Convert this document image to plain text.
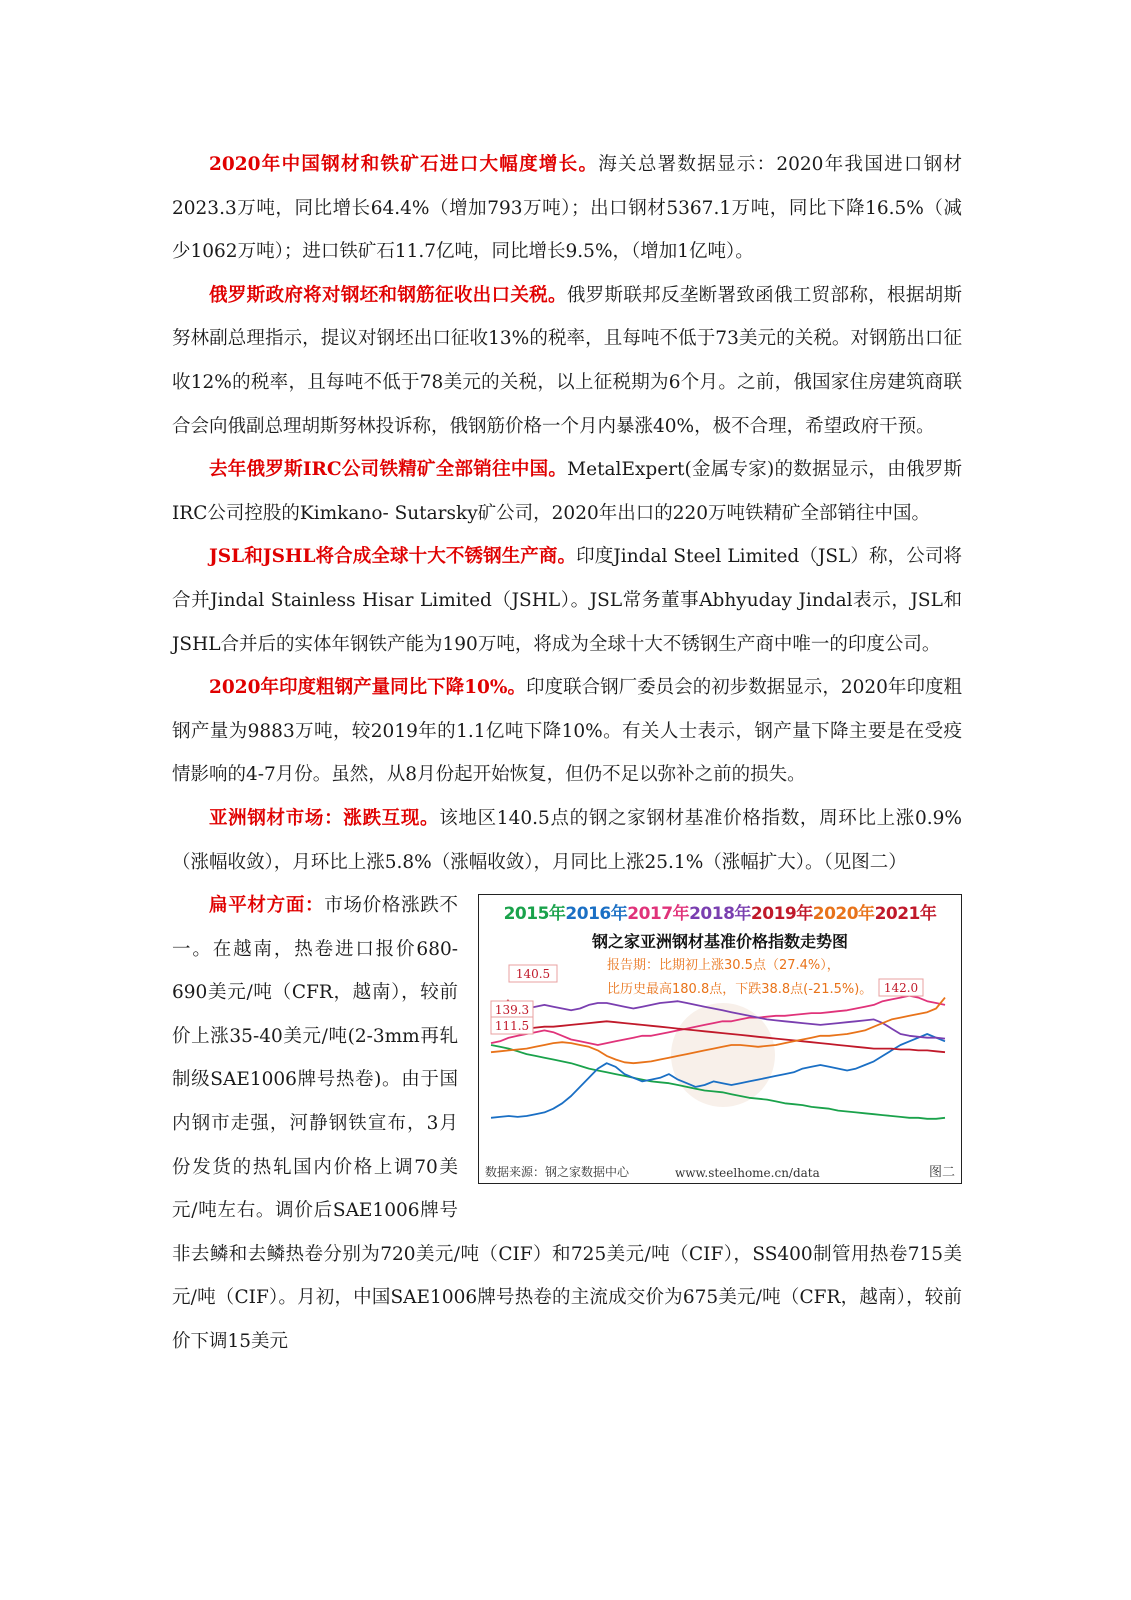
2020年中国钢材和铁矿石进口大幅度增长。海关总署数据显示：2020年我国进口钢材2023.3万吨，同比增长64.4%（增加793万吨）；出口钢材5367.1万吨，同比下降16.5%（减少1062万吨）；进口铁矿石11.7亿吨，同比增长9.5%，（增加1亿吨）。

俄罗斯政府将对钢坯和钢筋征收出口关税。俄罗斯联邦反垄断署致函俄工贸部称，根据胡斯努林副总理指示，提议对钢坯出口征收13%的税率，且每吨不低于73美元的关税。对钢筋出口征收12%的税率，且每吨不低于78美元的关税，以上征税期为6个月。之前，俄国家住房建筑商联合会向俄副总理胡斯努林投诉称，俄钢筋价格一个月内暴涨40%，极不合理，希望政府干预。

去年俄罗斯IRC公司铁精矿全部销往中国。MetalExpert(金属专家)的数据显示，由俄罗斯IRC公司控股的Kimkano- Sutarsky矿公司，2020年出口的220万吨铁精矿全部销往中国。

JSL和JSHL将合成全球十大不锈钢生产商。印度Jindal Steel Limited（JSL）称，公司将合并Jindal Stainless Hisar Limited（JSHL）。JSL常务董事Abhyuday Jindal表示，JSL和JSHL合并后的实体年钢铁产能为190万吨，将成为全球十大不锈钢生产商中唯一的印度公司。

2020年印度粗钢产量同比下降10%。印度联合钢厂委员会的初步数据显示，2020年印度粗钢产量为9883万吨，较2019年的1.1亿吨下降10%。有关人士表示，钢产量下降主要是在受疫情影响的4-7月份。虽然，从8月份起开始恢复，但仍不足以弥补之前的损失。

亚洲钢材市场：涨跌互现。该地区140.5点的钢之家钢材基准价格指数，周环比上涨0.9%（涨幅收敛），月环比上涨5.8%（涨幅收敛），月同比上涨25.1%（涨幅扩大）。（见图二）

140.5
139.3
111.5
142.0
2015年2016年2017年2018年2019年2020年2021年
钢之家亚洲钢材基准价格指数走势图
报告期：比期初上涨30.5点（27.4%），
比历史最高180.8点，下跌38.8点(-21.5%)。
数据来源：钢之家数据中心	www.steelhome.cn/data	图二

扁平材方面：市场价格涨跌不一。在越南，热卷进口报价680-690美元/吨（CFR，越南），较前价上涨35-40美元/吨(2-3mm再轧制级SAE1006牌号热卷)。由于国内钢市走强，河静钢铁宣布，3月份发货的热轧国内价格上调70美元/吨左右。调价后SAE1006牌号非去鳞和去鳞热卷分别为720美元/吨（CIF）和725美元/吨（CIF），SS400制管用热卷715美元/吨（CIF）。月初，中国SAE1006牌号热卷的主流成交价为675美元/吨（CFR，越南），较前价下调15美元
